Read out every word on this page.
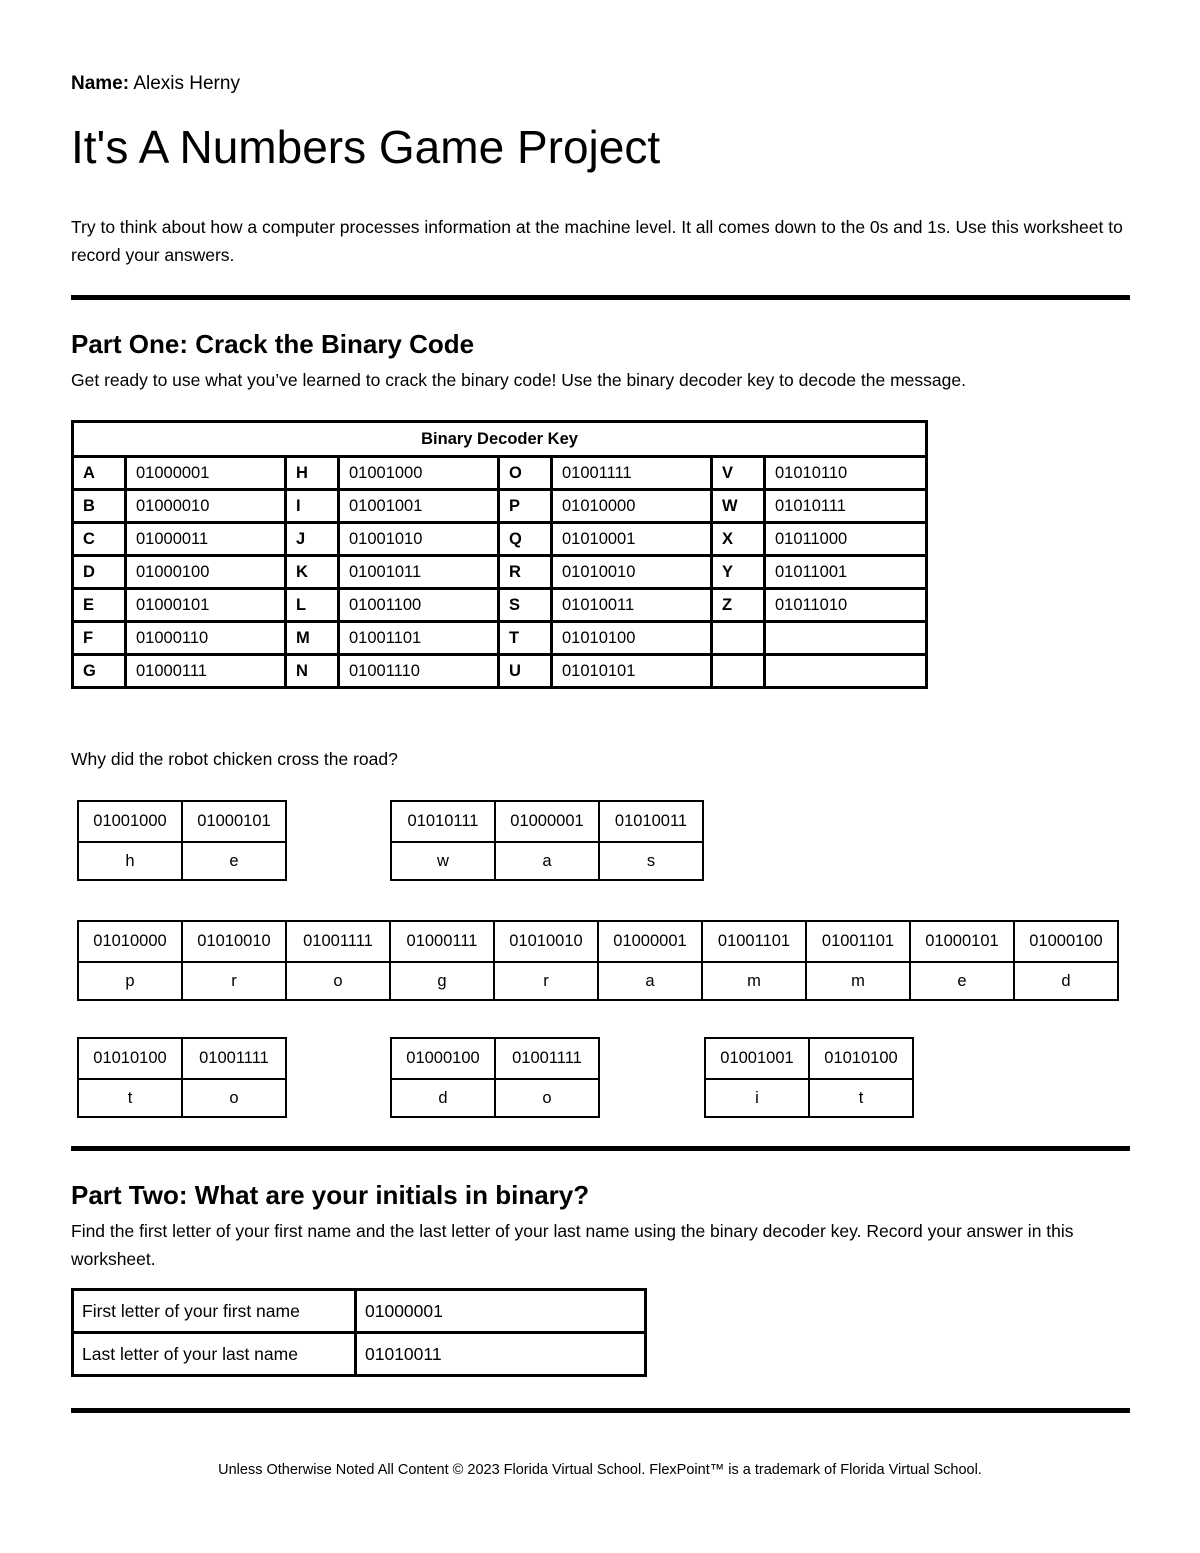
Name: Alexis Herny
It's A Numbers Game Project
Try to think about how a computer processes information at the machine level. It all comes down to the 0s and 1s. Use this worksheet to record your answers.
Part One: Crack the Binary Code
Get ready to use what you’ve learned to crack the binary code! Use the binary decoder key to decode the message.
Binary Decoder Key							
A	01000001	H	01001000	O	01001111	V	01010110
B	01000010	I	01001001	P	01010000	W	01010111
C	01000011	J	01001010	Q	01010001	X	01011000
D	01000100	K	01001011	R	01010010	Y	01011001
E	01000101	L	01001100	S	01010011	Z	01011010
F	01000110	M	01001101	T	01010100		
G	01000111	N	01001110	U	01010101		
Why did the robot chicken cross the road?
01001000	01000101
h	e
01010111	01000001	01010011
w	a	s
01010000	01010010	01001111	01000111	01010010	01000001	01001101	01001101	01000101	01000100
p	r	o	g	r	a	m	m	e	d
01010100	01001111
t	o
01000100	01001111
d	o
01001001	01010100
i	t
Part Two: What are your initials in binary?
Find the first letter of your first name and the last letter of your last name using the binary decoder key. Record your answer in this worksheet.
First letter of your first name	01000001
Last letter of your last name	01010011
Unless Otherwise Noted All Content © 2023 Florida Virtual School. FlexPoint™ is a trademark of Florida Virtual School.
